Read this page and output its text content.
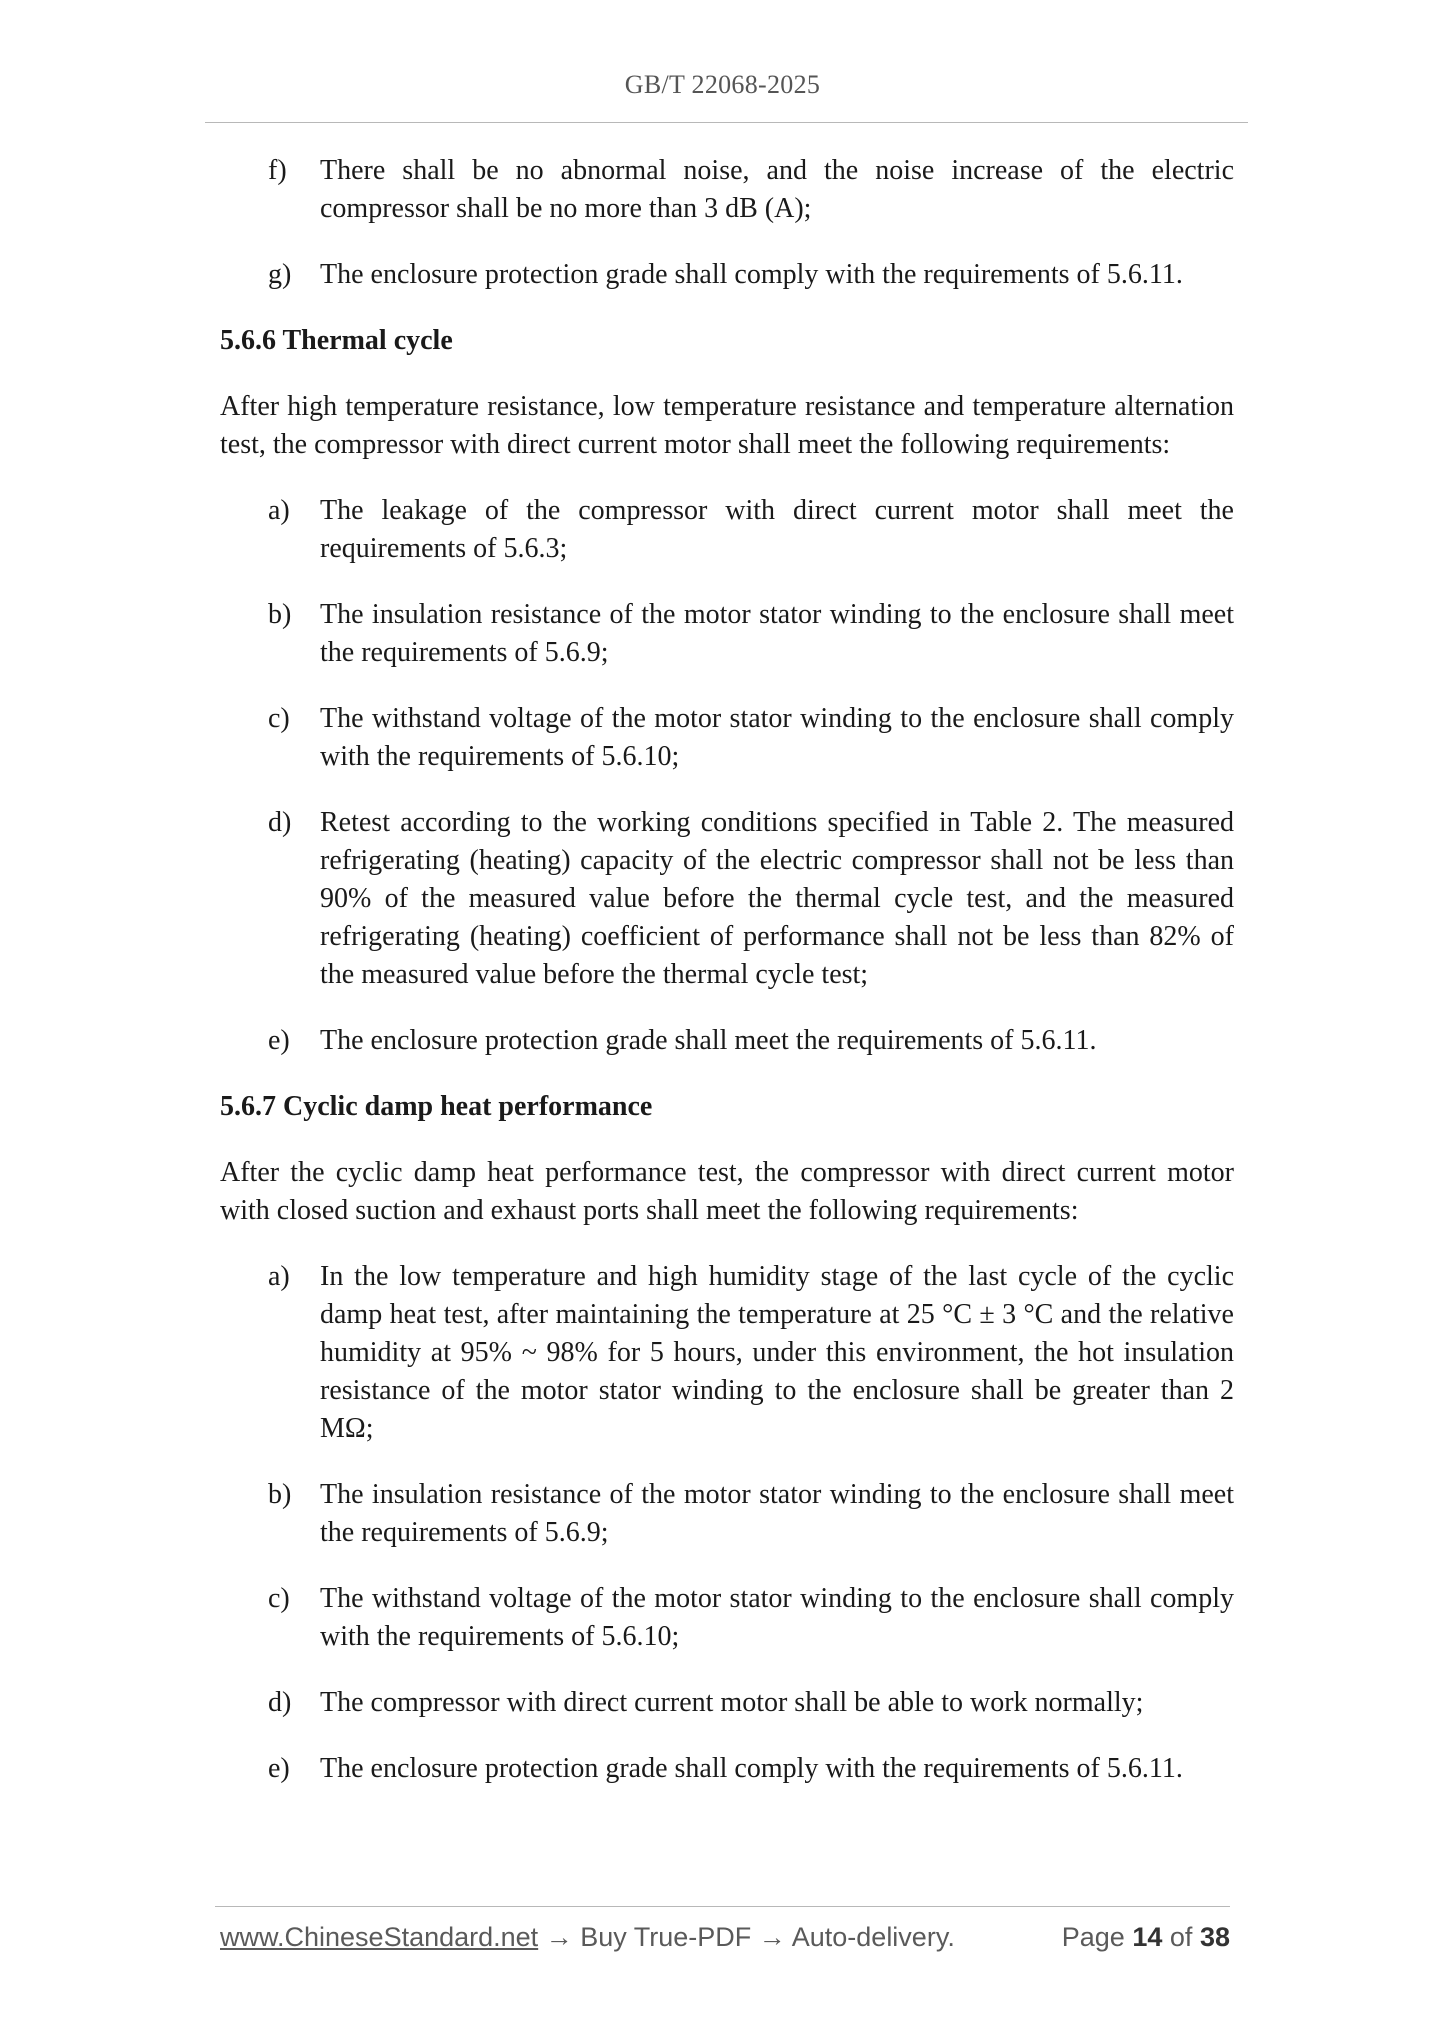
GB/T 22068-2025
f)	There shall be no abnormal noise, and the noise increase of the electric compressor shall be no more than 3 dB (A);
g)	The enclosure protection grade shall comply with the requirements of 5.6.11.
5.6.6 Thermal cycle
After high temperature resistance, low temperature resistance and temperature alternation test, the compressor with direct current motor shall meet the following requirements:
a)	The leakage of the compressor with direct current motor shall meet the requirements of 5.6.3;
b)	The insulation resistance of the motor stator winding to the enclosure shall meet the requirements of 5.6.9;
c)	The withstand voltage of the motor stator winding to the enclosure shall comply with the requirements of 5.6.10;
d)	Retest according to the working conditions specified in Table 2. The measured refrigerating (heating) capacity of the electric compressor shall not be less than 90% of the measured value before the thermal cycle test, and the measured refrigerating (heating) coefficient of performance shall not be less than 82% of the measured value before the thermal cycle test;
e)	The enclosure protection grade shall meet the requirements of 5.6.11.
5.6.7 Cyclic damp heat performance
After the cyclic damp heat performance test, the compressor with direct current motor with closed suction and exhaust ports shall meet the following requirements:
a)	In the low temperature and high humidity stage of the last cycle of the cyclic damp heat test, after maintaining the temperature at 25 °C ± 3 °C and the relative humidity at 95% ~ 98% for 5 hours, under this environment, the hot insulation resistance of the motor stator winding to the enclosure shall be greater than 2 MΩ;
b)	The insulation resistance of the motor stator winding to the enclosure shall meet the requirements of 5.6.9;
c)	The withstand voltage of the motor stator winding to the enclosure shall comply with the requirements of 5.6.10;
d)	The compressor with direct current motor shall be able to work normally;
e)	The enclosure protection grade shall comply with the requirements of 5.6.11.
www.ChineseStandard.net → Buy True-PDF → Auto-delivery.	Page 14 of 38
